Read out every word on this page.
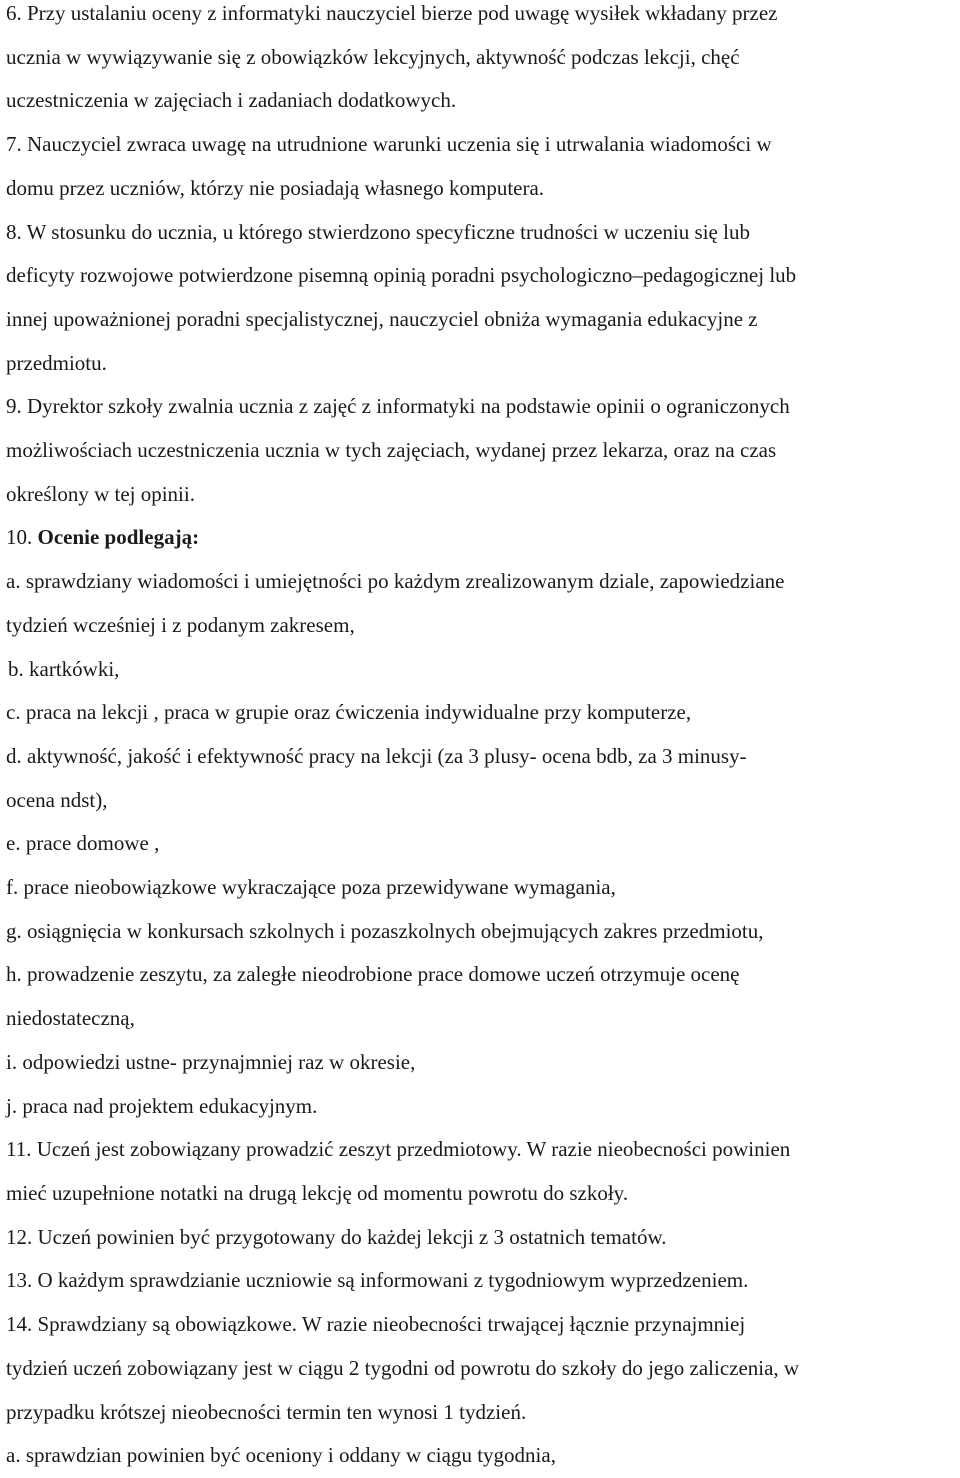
6. Przy ustalaniu oceny z informatyki nauczyciel bierze pod uwagę wysiłek wkładany przez
ucznia w wywiązywanie się z obowiązków lekcyjnych, aktywność podczas lekcji, chęć
uczestniczenia w zajęciach i zadaniach dodatkowych.
7. Nauczyciel zwraca uwagę na utrudnione warunki uczenia się i utrwalania wiadomości w
domu przez uczniów, którzy nie posiadają własnego komputera.
8. W stosunku do ucznia, u którego stwierdzono specyficzne trudności w uczeniu się lub
deficyty rozwojowe potwierdzone pisemną opinią poradni psychologiczno–pedagogicznej lub
innej upoważnionej poradni specjalistycznej, nauczyciel obniża wymagania edukacyjne z
przedmiotu.
9. Dyrektor szkoły zwalnia ucznia z zajęć z informatyki na podstawie opinii o ograniczonych
możliwościach uczestniczenia ucznia w tych zajęciach, wydanej przez lekarza, oraz na czas
określony w tej opinii.
10. Ocenie podlegają:
a. sprawdziany wiadomości i umiejętności po każdym zrealizowanym dziale, zapowiedziane
tydzień wcześniej i z podanym zakresem,
b. kartkówki,
c. praca na lekcji , praca w grupie oraz ćwiczenia indywidualne przy komputerze,
d. aktywność, jakość i efektywność pracy na lekcji (za 3 plusy- ocena bdb, za 3 minusy-
ocena ndst),
e. prace domowe ,
f. prace nieobowiązkowe wykraczające poza przewidywane wymagania,
g. osiągnięcia w konkursach szkolnych i pozaszkolnych obejmujących zakres przedmiotu,
h. prowadzenie zeszytu, za zaległe nieodrobione prace domowe uczeń otrzymuje ocenę
niedostateczną,
i. odpowiedzi ustne- przynajmniej raz w okresie,
j. praca nad projektem edukacyjnym.
11. Uczeń jest zobowiązany prowadzić zeszyt przedmiotowy. W razie nieobecności powinien
mieć uzupełnione notatki na drugą lekcję od momentu powrotu do szkoły.
12. Uczeń powinien być przygotowany do każdej lekcji z 3 ostatnich tematów.
13. O każdym sprawdzianie uczniowie są informowani z tygodniowym wyprzedzeniem.
14. Sprawdziany są obowiązkowe. W razie nieobecności trwającej łącznie przynajmniej
tydzień uczeń zobowiązany jest w ciągu 2 tygodni od powrotu do szkoły do jego zaliczenia, w
przypadku krótszej nieobecności termin ten wynosi 1 tydzień.
a. sprawdzian powinien być oceniony i oddany w ciągu tygodnia,
